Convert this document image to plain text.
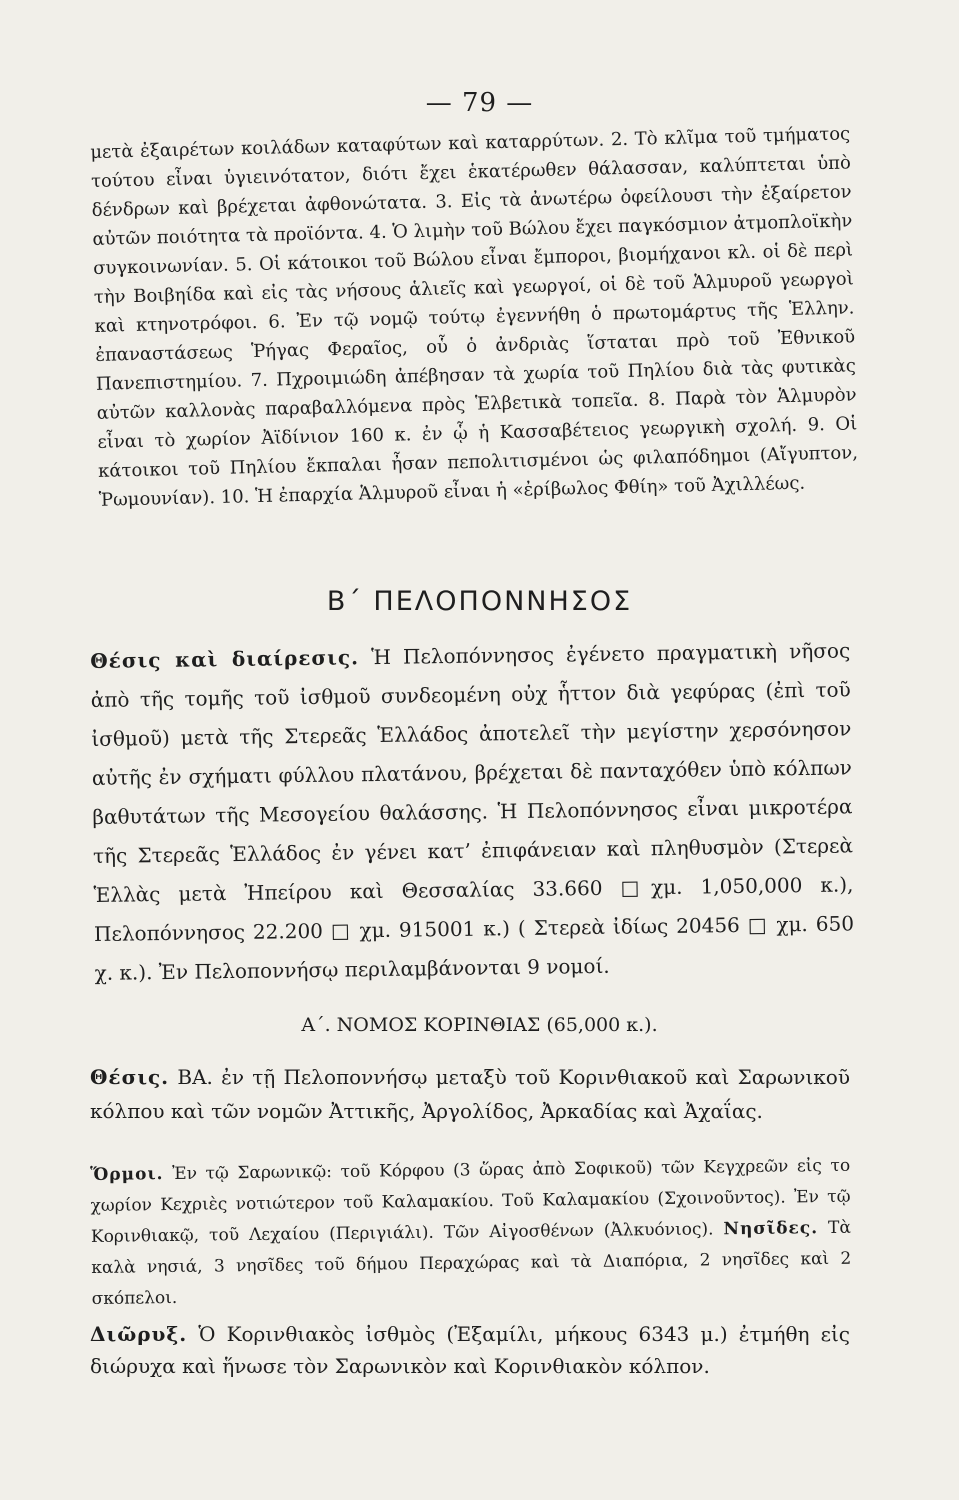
— 79 —

μετὰ ἐξαιρέτων κοιλάδων καταφύτων καὶ καταρρύτων. 2. Τὸ κλῖμα τοῦ τμήματος τούτου εἶναι ὑγιεινότατον, διότι ἔχει ἑκατέρωθεν θάλασσαν, καλύπτεται ὑπὸ δένδρων καὶ βρέχεται ἀφθονώτατα. 3. Εἰς τὰ ἀνωτέρω ὀφείλουσι τὴν ἐξαίρετον αὐτῶν ποιότητα τὰ προϊόντα. 4. Ὁ λιμὴν τοῦ Βώλου ἔχει παγκόσμιον ἀτμοπλοϊκὴν συγκοινωνίαν. 5. Οἱ κάτοικοι τοῦ Βώλου εἶναι ἔμποροι, βιομήχανοι κλ. οἱ δὲ περὶ τὴν Βοιβηίδα καὶ εἰς τὰς νήσους ἁλιεῖς καὶ γεωργοί, οἱ δὲ τοῦ Ἁλμυροῦ γεωργοὶ καὶ κτηνοτρόφοι. 6. Ἐν τῷ νομῷ τούτῳ ἐγεννήθη ὁ πρωτομάρτυς τῆς Ἑλλην. ἐπαναστάσεως Ῥήγας Φεραῖος, οὗ ὁ ἀνδριὰς ἵσταται πρὸ τοῦ Ἐθνικοῦ Πανεπιστημίου. 7. Πχροιμιώδη ἀπέβησαν τὰ χωρία τοῦ Πηλίου διὰ τὰς φυτικὰς αὐτῶν καλλονὰς παραβαλλόμενα πρὸς Ἑλβετικὰ τοπεῖα. 8. Παρὰ τὸν Ἁλμυρὸν εἶναι τὸ χωρίον Ἀϊδίνιον 160 κ. ἐν ᾧ ἡ Κασσαβέτειος γεωργικὴ σχολή. 9. Οἱ κάτοικοι τοῦ Πηλίου ἔκπαλαι ἦσαν πεπολιτισμένοι ὡς φιλαπόδημοι (Αἴγυπτον, Ῥωμουνίαν). 10. Ἡ ἐπαρχία Ἁλμυροῦ εἶναι ἡ «ἐρίβωλος Φθίη» τοῦ Ἀχιλλέως.

Β΄ ΠΕΛΟΠΟΝΝΗΣΟΣ

Θέσις καὶ διαίρεσις. Ἡ Πελοπόννησος ἐγένετο πραγματικὴ νῆσος ἀπὸ τῆς τομῆς τοῦ ἰσθμοῦ συνδεομένη οὐχ ἧττον διὰ γεφύρας (ἐπὶ τοῦ ἰσθμοῦ) μετὰ τῆς Στερεᾶς Ἑλλάδος ἀποτελεῖ τὴν μεγίστην χερσόνησον αὐτῆς ἐν σχήματι φύλλου πλατάνου, βρέχεται δὲ πανταχόθεν ὑπὸ κόλπων βαθυτάτων τῆς Μεσογείου θαλάσσης. Ἡ Πελοπόννησος εἶναι μικροτέρα τῆς Στερεᾶς Ἑλλάδος ἐν γένει κατ’ ἐπιφάνειαν καὶ πληθυσμὸν (Στερεὰ Ἑλλὰς μετὰ Ἠπείρου καὶ Θεσσαλίας 33.660 □χμ. 1,050,000 κ.), Πελοπόννησος 22.200 □ χμ. 915001 κ.) ( Στερεὰ ἰδίως 20456 □ χμ. 650 χ. κ.). Ἐν Πελοποννήσῳ περιλαμβάνονται 9 νομοί.

Α΄. ΝΟΜΟΣ ΚΟΡΙΝΘΙΑΣ (65,000 κ.).

Θέσις. ΒΑ. ἐν τῇ Πελοποννήσῳ μεταξὺ τοῦ Κορινθιακοῦ καὶ Σαρωνικοῦ κόλπου καὶ τῶν νομῶν Ἀττικῆς, Ἀργολίδος, Ἀρκαδίας καὶ Ἀχαΐας.

Ὅρμοι. Ἐν τῷ Σαρωνικῷ: τοῦ Κόρφου (3 ὥρας ἀπὸ Σοφικοῦ) τῶν Κεγχρεῶν εἰς το χωρίον Κεχριὲς νοτιώτερον τοῦ Καλαμακίου. Τοῦ Καλαμακίου (Σχοινοῦντος). Ἐν τῷ Κορινθιακῷ, τοῦ Λεχαίου (Περιγιάλι). Τῶν Αἰγοσθένων (Ἀλκυόνιος). Νησῖδες. Τὰ καλὰ νησιά, 3 νησῖδες τοῦ δήμου Περαχώρας καὶ τὰ Διαπόρια, 2 νησῖδες καὶ 2 σκόπελοι.

Διῶρυξ. Ὁ Κορινθιακὸς ἰσθμὸς (Ἐξαμίλι, μήκους 6343 μ.) ἐτμήθη εἰς διώρυχα καὶ ἥνωσε τὸν Σαρωνικὸν καὶ Κορινθιακὸν κόλπον.
